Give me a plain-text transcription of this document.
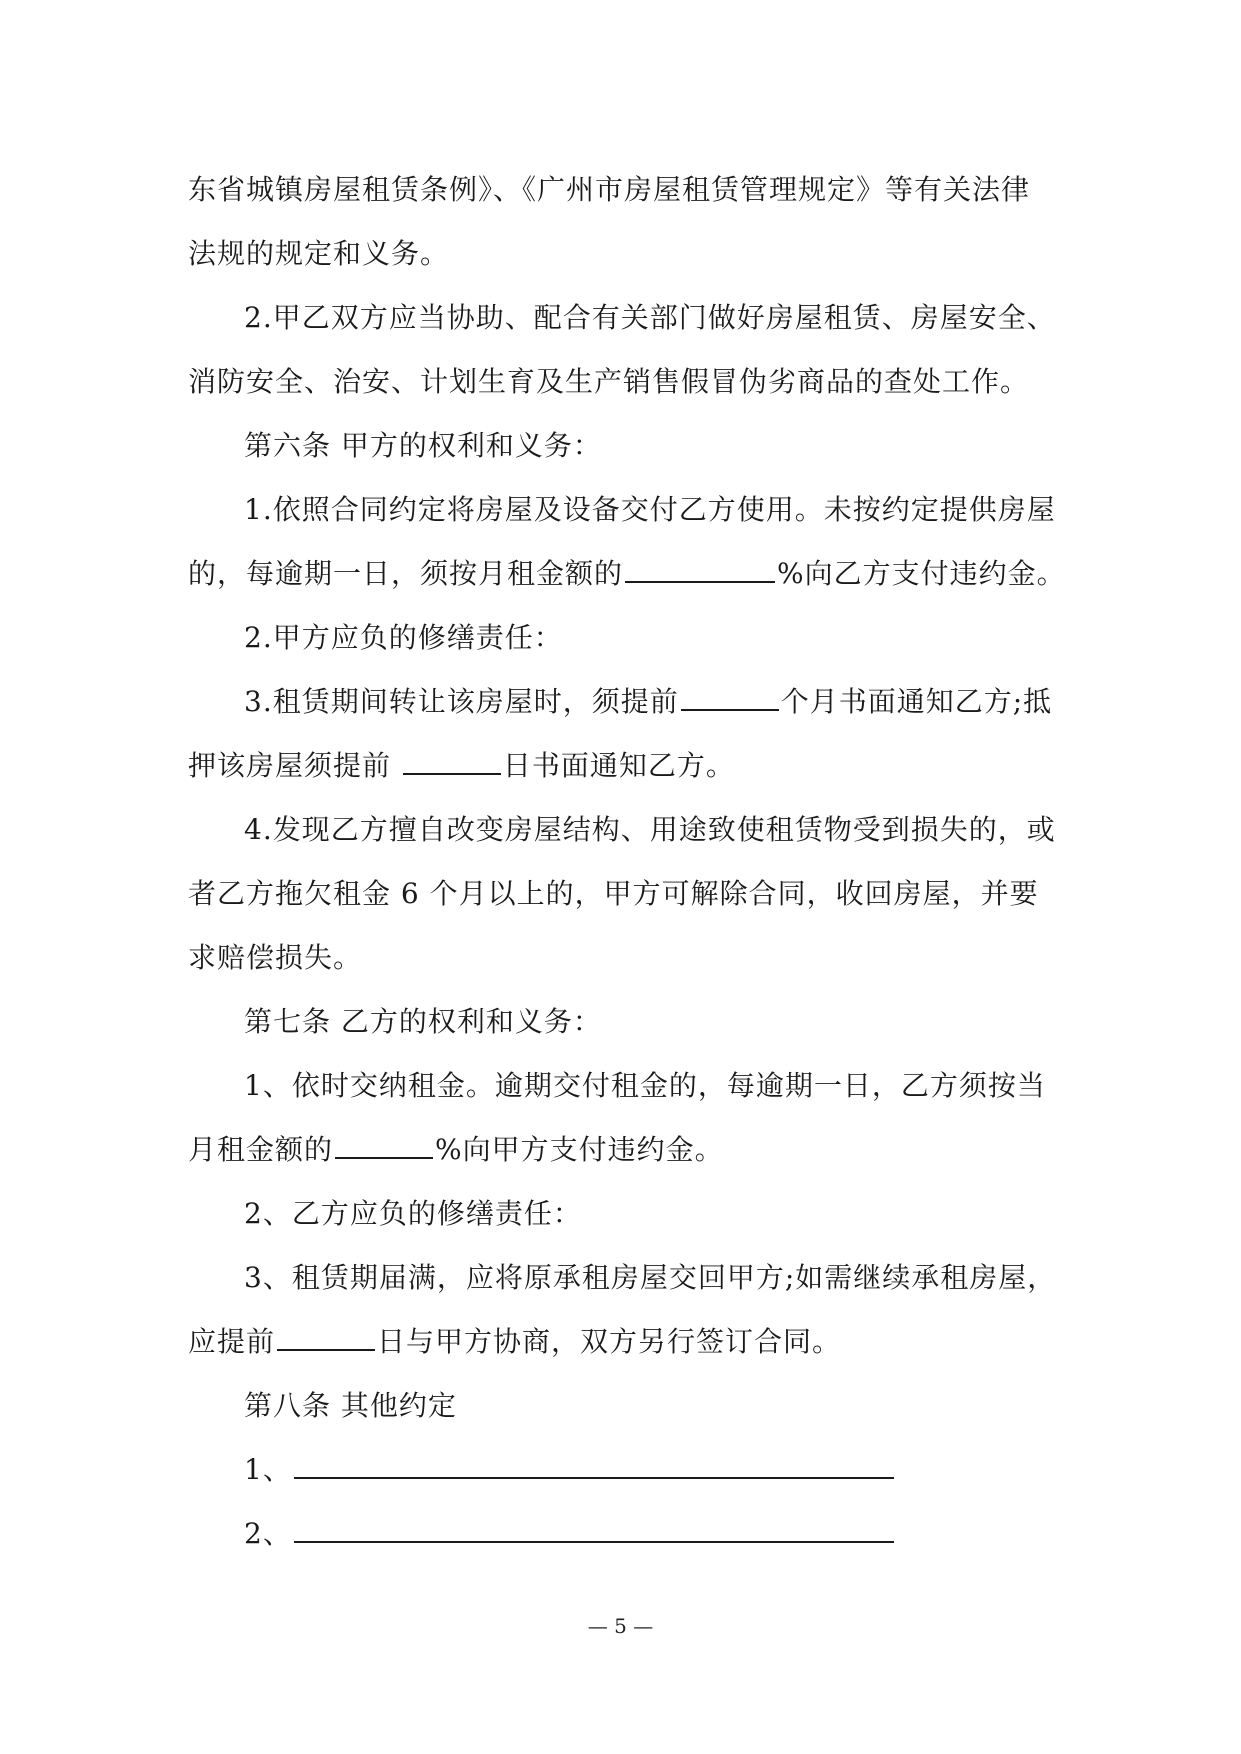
东省城镇房屋租赁条例》、《广州市房屋租赁管理规定》等有关法律
法规的规定和义务。
2.甲乙双方应当协助、配合有关部门做好房屋租赁、房屋安全、
消防安全、治安、计划生育及生产销售假冒伪劣商品的查处工作。
第六条 甲方的权利和义务：
1.依照合同约定将房屋及设备交付乙方使用。未按约定提供房屋
的，每逾期一日，须按月租金额的	%向乙方支付违约金。
2.甲方应负的修缮责任：
3.租赁期间转让该房屋时，须提前	个月书面通知乙方;抵
押该房屋须提前	日书面通知乙方。
4.发现乙方擅自改变房屋结构、用途致使租赁物受到损失的，或
者乙方拖欠租金 6 个月以上的，甲方可解除合同，收回房屋，并要
求赔偿损失。
第七条 乙方的权利和义务：
1、依时交纳租金。逾期交付租金的，每逾期一日，乙方须按当
月租金额的	%向甲方支付违约金。
2、乙方应负的修缮责任：
3、租赁期届满，应将原承租房屋交回甲方;如需继续承租房屋，
应提前	日与甲方协商，双方另行签订合同。
第八条 其他约定
1、
2、
— 5 —
